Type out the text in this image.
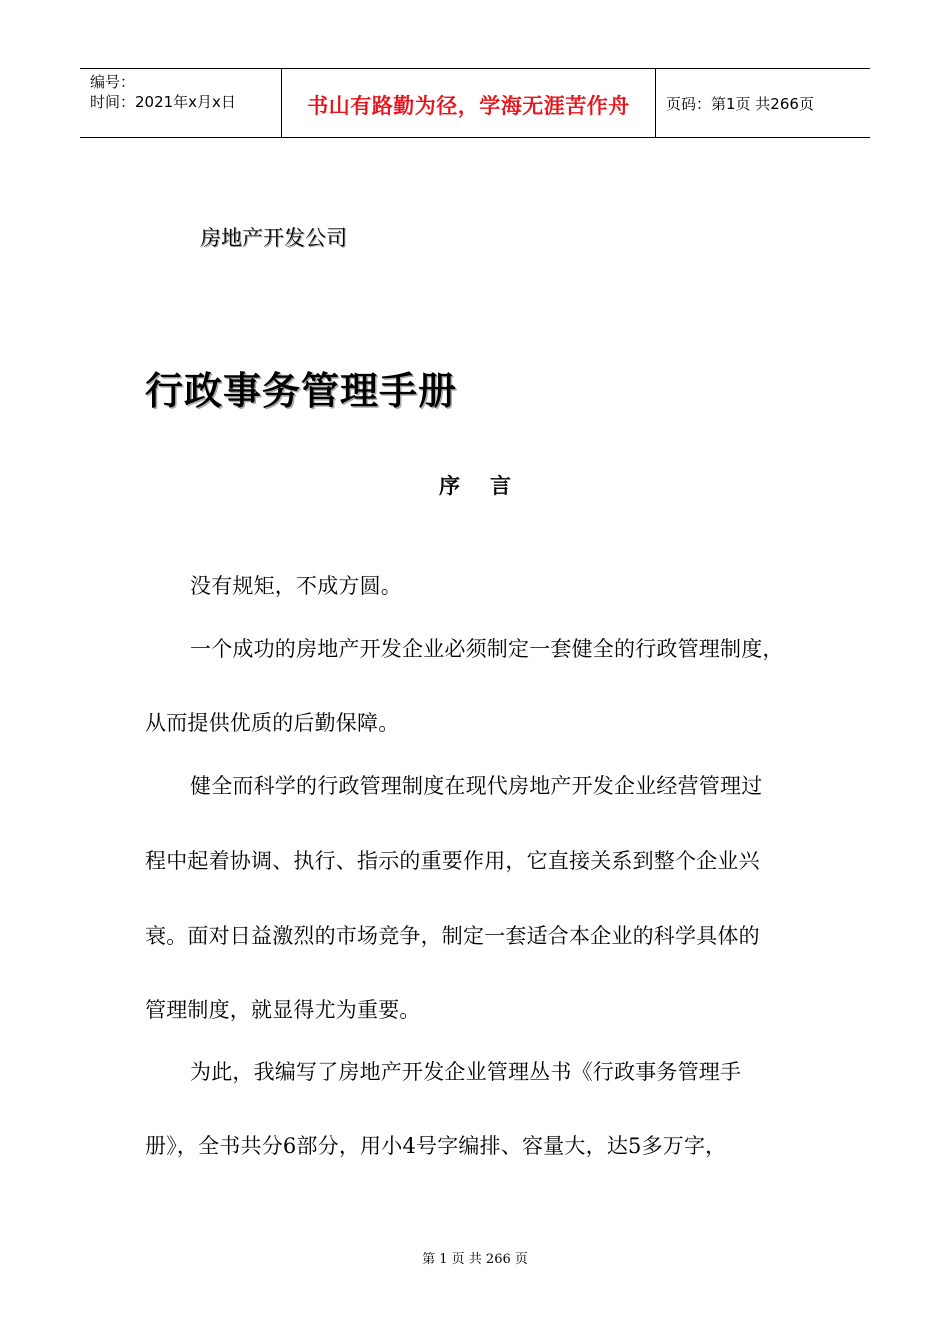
编号：
时间：2021年x月x日	书山有路勤为径，学海无涯苦作舟	页码：第1页 共266页
房地产开发公司
行政事务管理手册
序 言
没有规矩，不成方圆。
一个成功的房地产开发企业必须制定一套健全的行政管理制度，
从而提供优质的后勤保障。
健全而科学的行政管理制度在现代房地产开发企业经营管理过
程中起着协调、执行、指示的重要作用，它直接关系到整个企业兴
衰。面对日益激烈的市场竞争，制定一套适合本企业的科学具体的
管理制度，就显得尤为重要。
为此，我编写了房地产开发企业管理丛书《行政事务管理手
册》，全书共分6部分，用小4号字编排、容量大，达5多万字，
第 1 页 共 266 页
